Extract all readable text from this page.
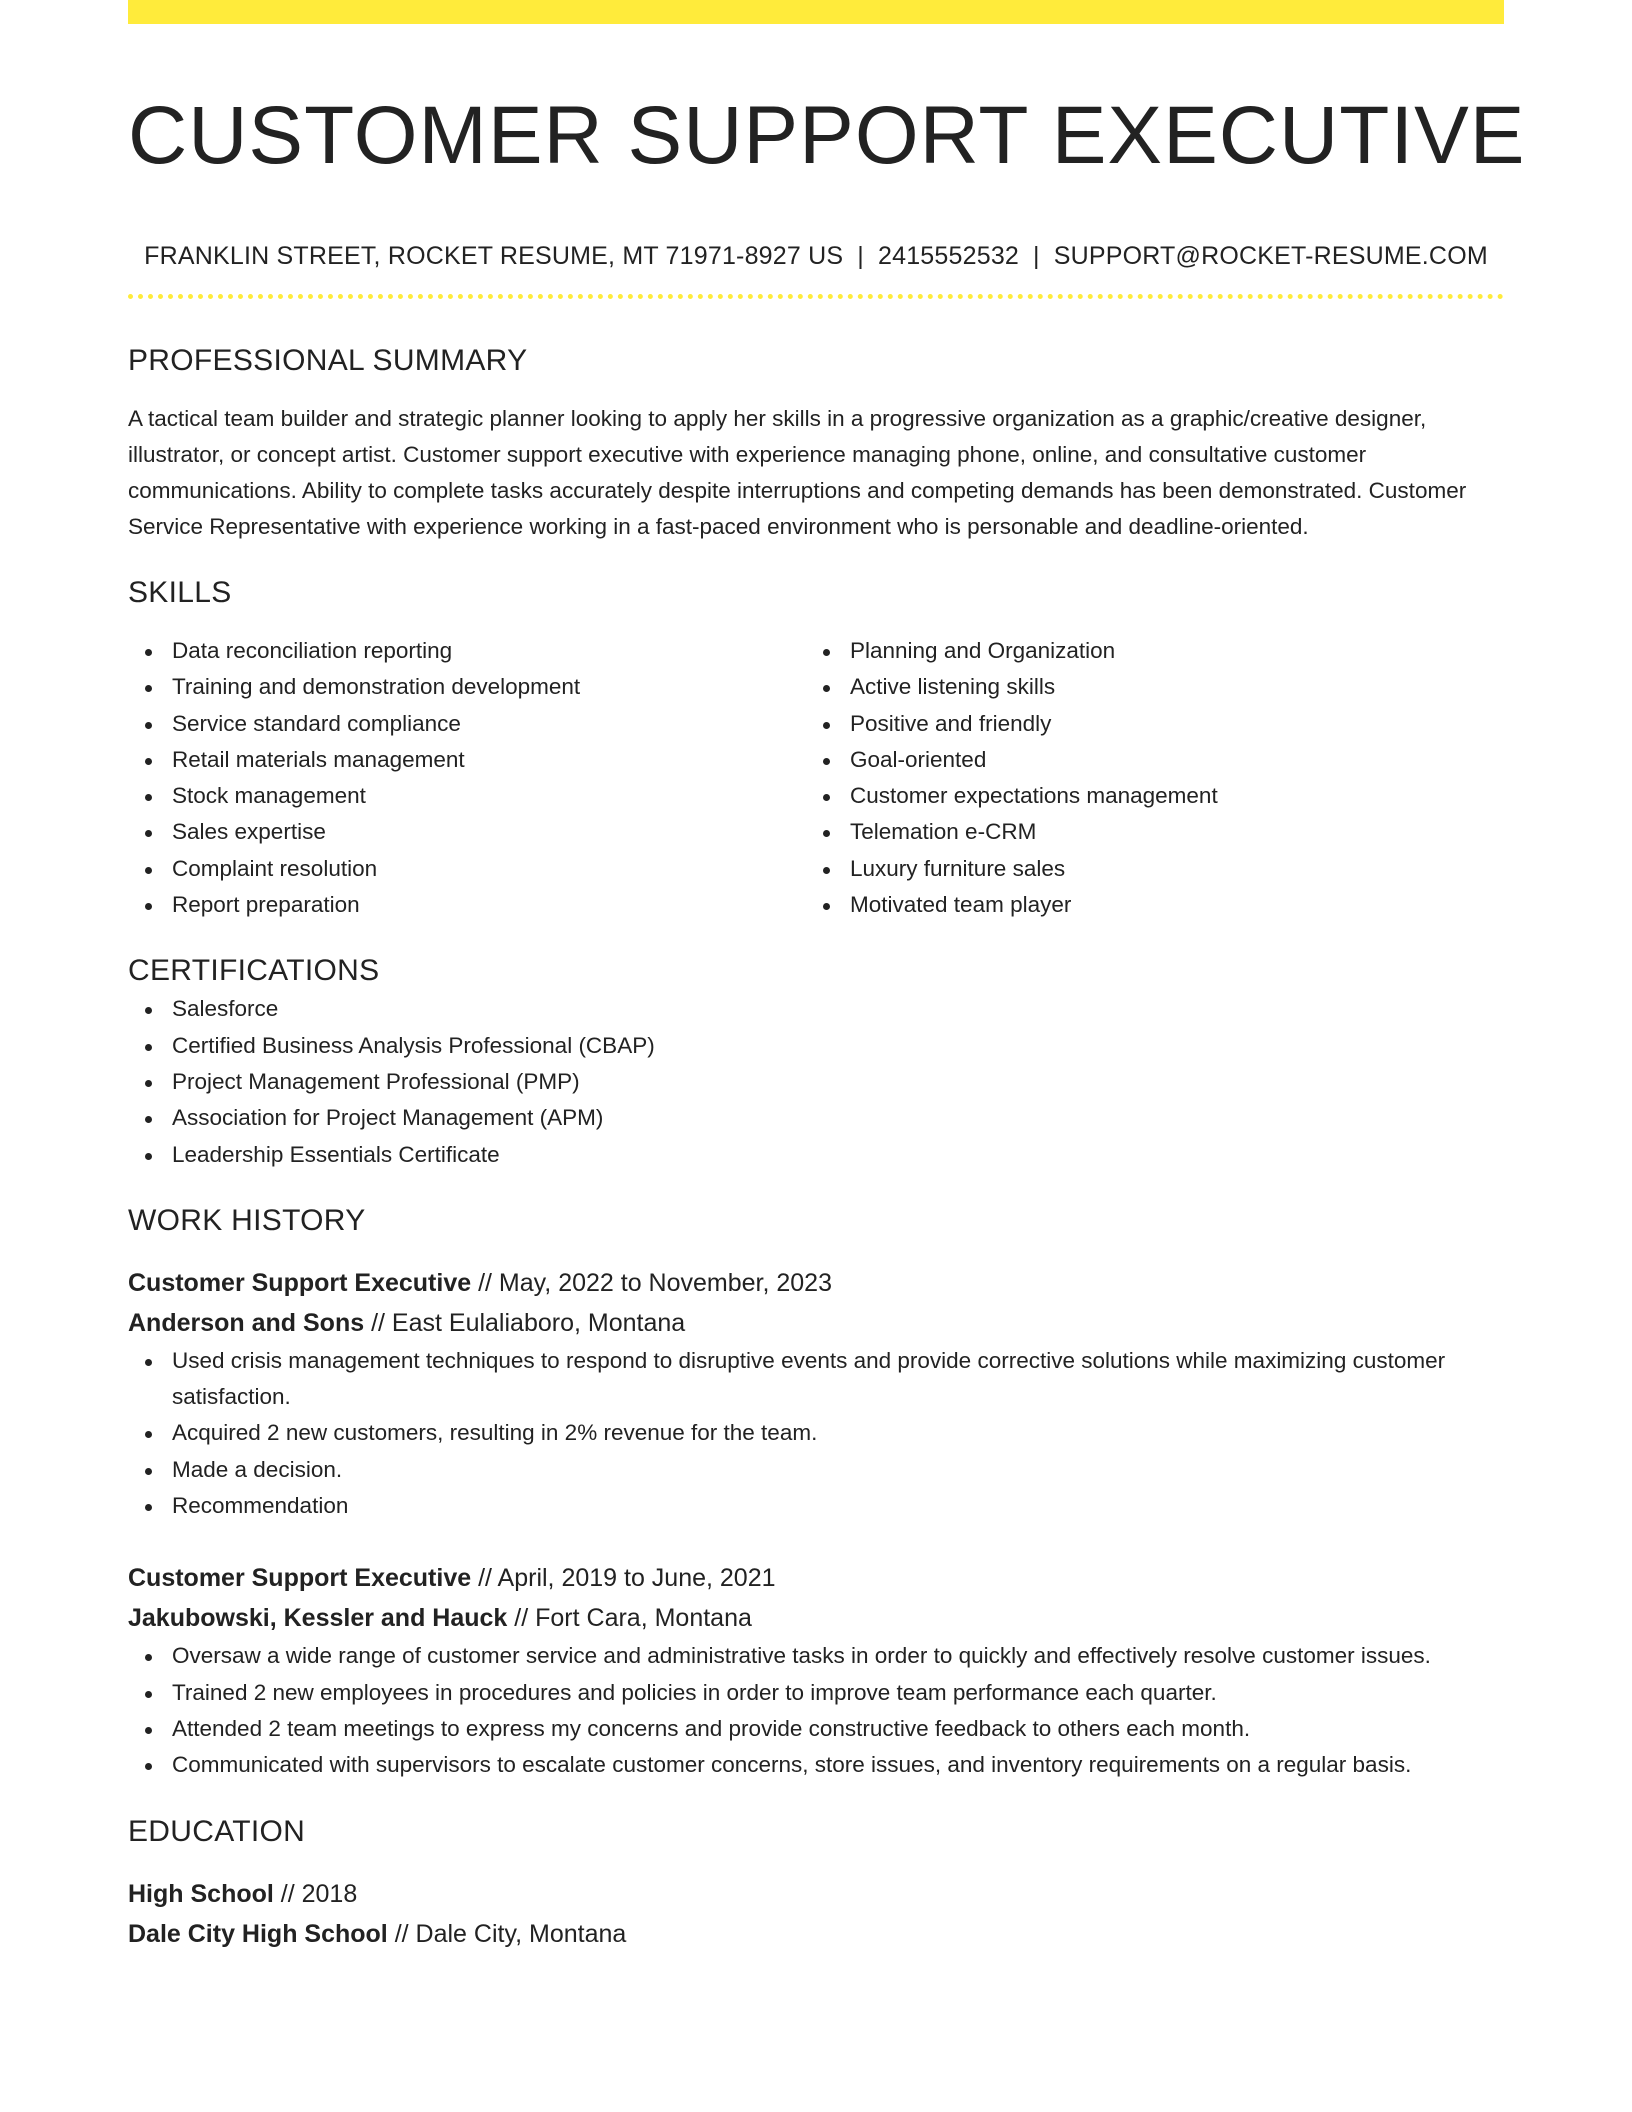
CUSTOMER SUPPORT EXECUTIVE
FRANKLIN STREET, ROCKET RESUME, MT 71971-8927 US | 2415552532 | SUPPORT@ROCKET-RESUME.COM
PROFESSIONAL SUMMARY
A tactical team builder and strategic planner looking to apply her skills in a progressive organization as a graphic/creative designer, illustrator, or concept artist. Customer support executive with experience managing phone, online, and consultative customer communications. Ability to complete tasks accurately despite interruptions and competing demands has been demonstrated. Customer Service Representative with experience working in a fast-paced environment who is personable and deadline-oriented.
SKILLS
Data reconciliation reporting
Training and demonstration development
Service standard compliance
Retail materials management
Stock management
Sales expertise
Complaint resolution
Report preparation
Planning and Organization
Active listening skills
Positive and friendly
Goal-oriented
Customer expectations management
Telemation e-CRM
Luxury furniture sales
Motivated team player
CERTIFICATIONS
Salesforce
Certified Business Analysis Professional (CBAP)
Project Management Professional (PMP)
Association for Project Management (APM)
Leadership Essentials Certificate
WORK HISTORY
Customer Support Executive // May, 2022 to November, 2023
Anderson and Sons // East Eulaliaboro, Montana
Used crisis management techniques to respond to disruptive events and provide corrective solutions while maximizing customer satisfaction.
Acquired 2 new customers, resulting in 2% revenue for the team.
Made a decision.
Recommendation
Customer Support Executive // April, 2019 to June, 2021
Jakubowski, Kessler and Hauck // Fort Cara, Montana
Oversaw a wide range of customer service and administrative tasks in order to quickly and effectively resolve customer issues.
Trained 2 new employees in procedures and policies in order to improve team performance each quarter.
Attended 2 team meetings to express my concerns and provide constructive feedback to others each month.
Communicated with supervisors to escalate customer concerns, store issues, and inventory requirements on a regular basis.
EDUCATION
High School // 2018
Dale City High School // Dale City, Montana
